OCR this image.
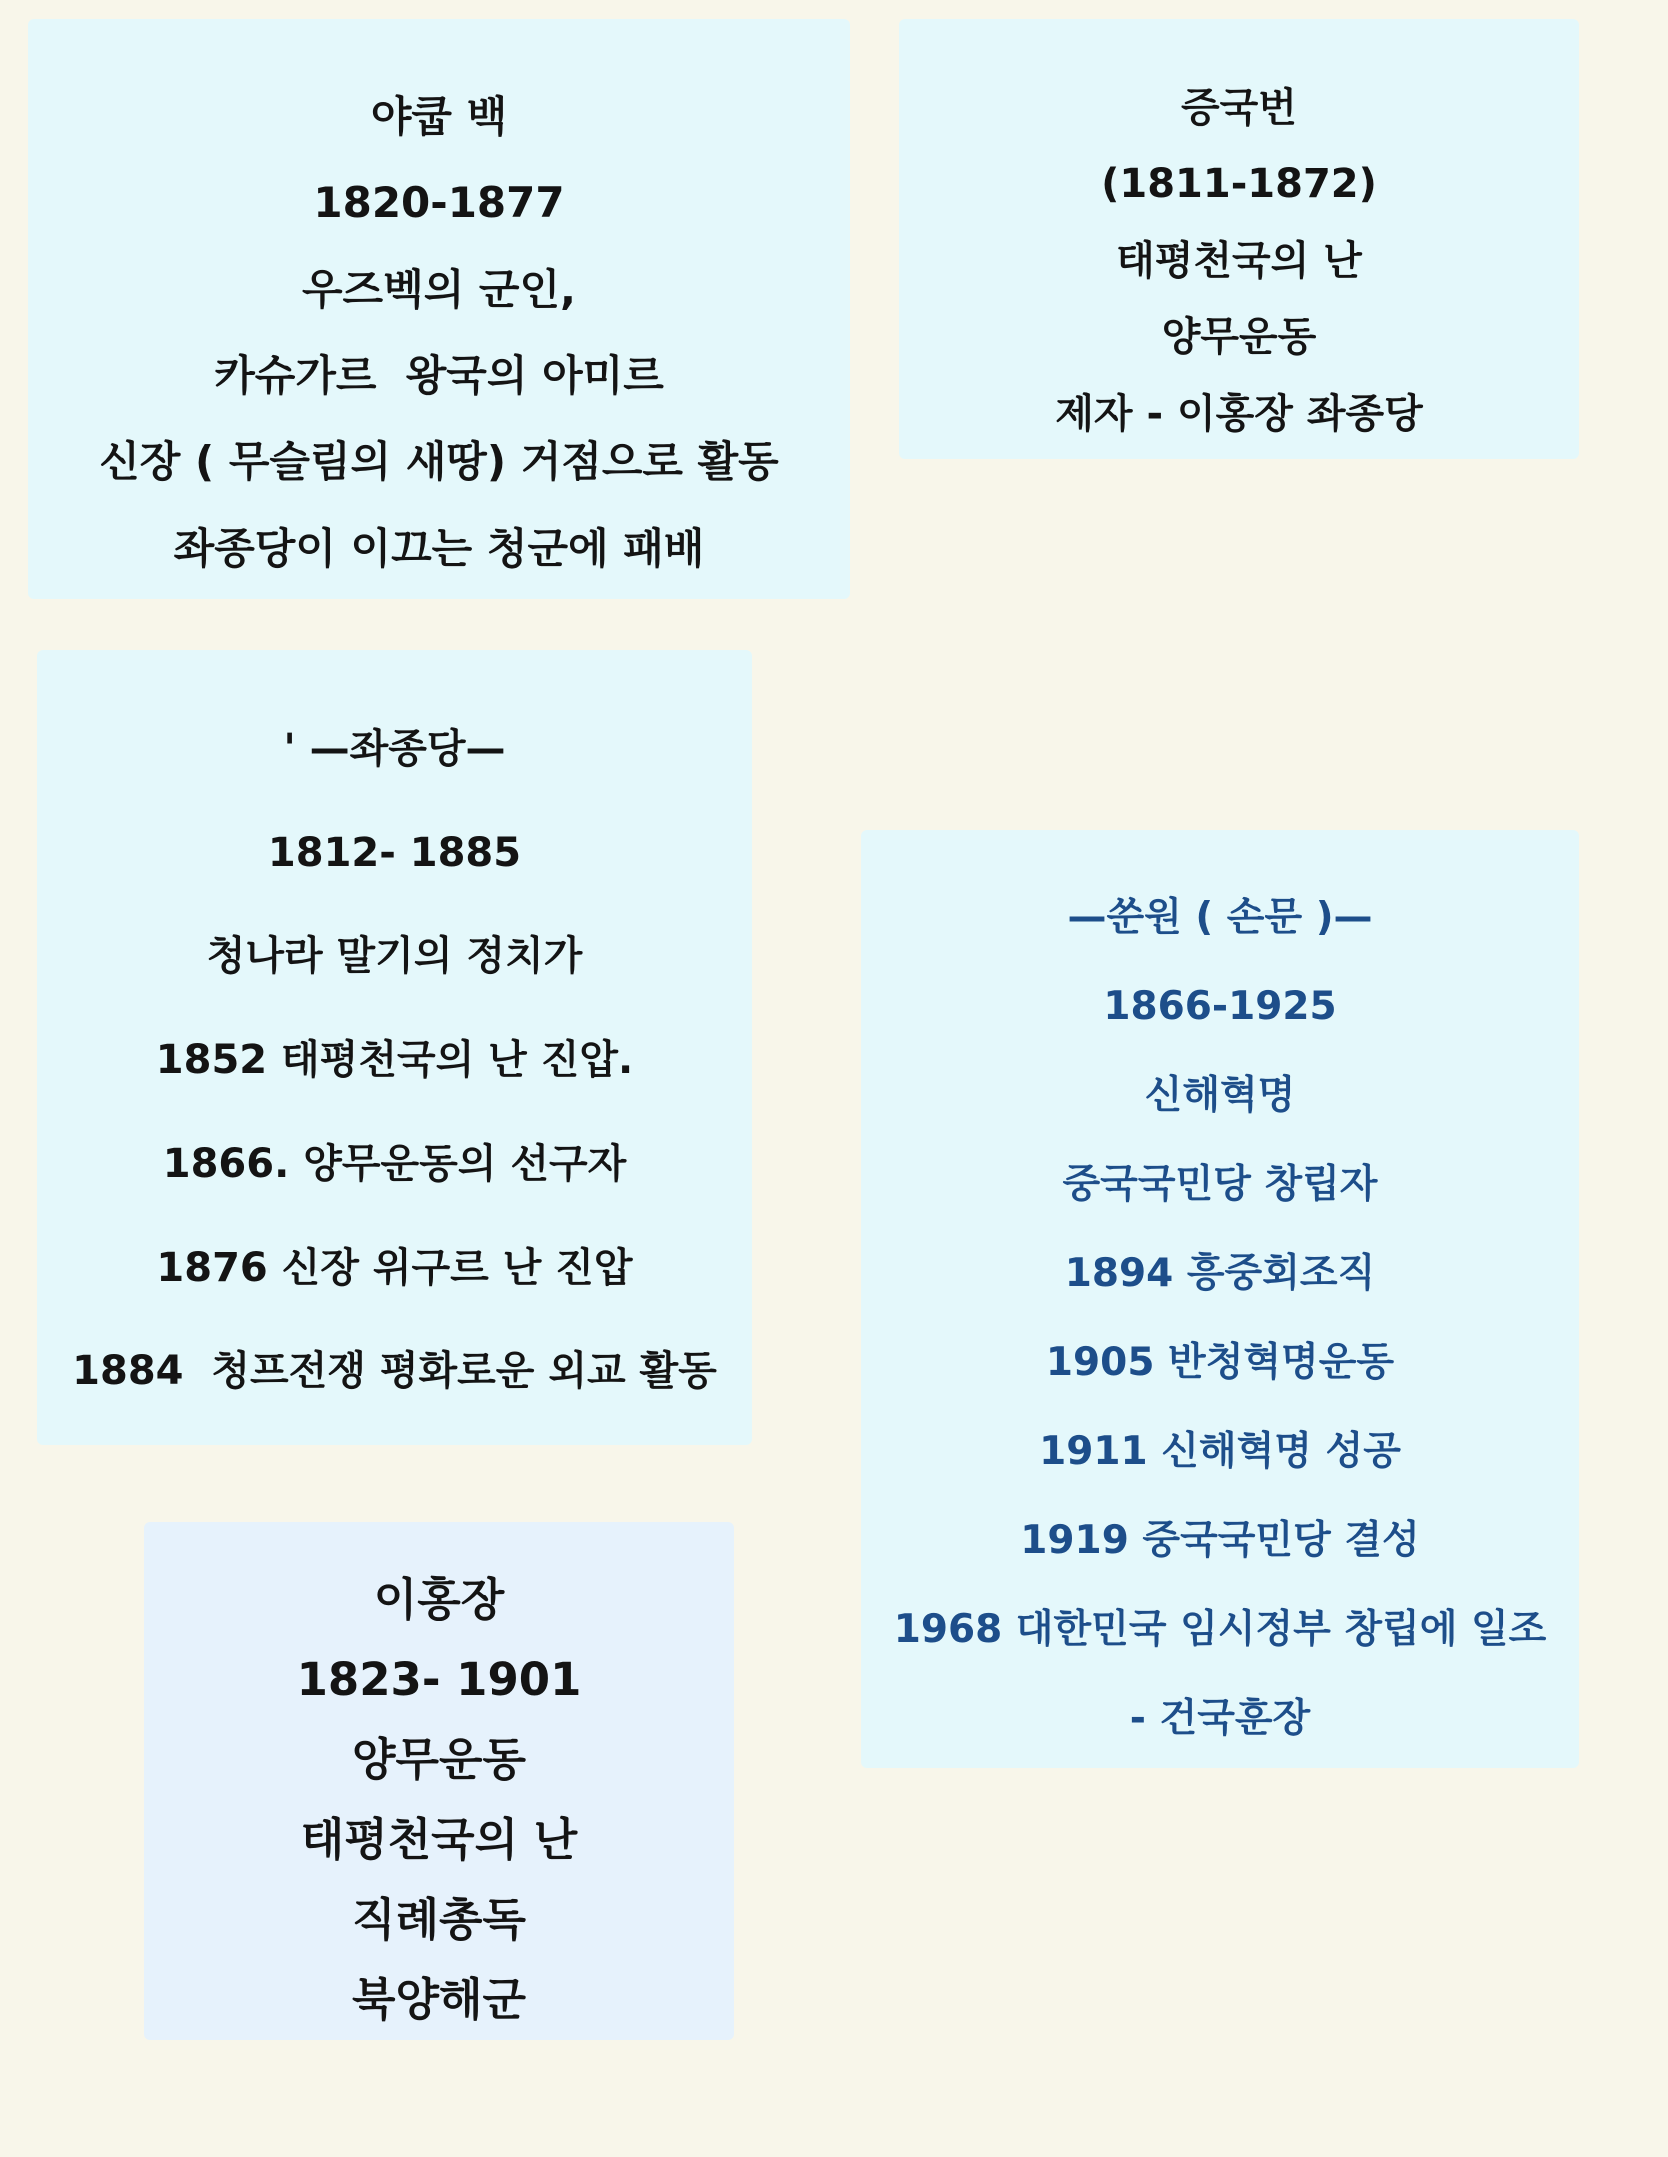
야쿱 백
1820-1877
우즈벡의 군인,
카슈가르  왕국의 아미르
신장 ( 무슬림의 새땅) 거점으로 활동
좌종당이 이끄는 청군에 패배
증국번
(1811-1872)
태평천국의 난
양무운동
제자 - 이홍장 좌종당
' —좌종당—
1812- 1885
청나라 말기의 정치가
1852 태평천국의 난 진압.
1866. 양무운동의 선구자
1876 신장 위구르 난 진압
1884  청프전쟁 평화로운 외교 활동
—쑨원 ( 손문 )—
1866-1925
신해혁명
중국국민당 창립자
1894 흥중회조직
1905 반청혁명운동
1911 신해혁명 성공
1919 중국국민당 결성
1968 대한민국 임시정부 창립에 일조
- 건국훈장
이홍장
1823- 1901
양무운동
태평천국의 난
직례총독
북양해군
